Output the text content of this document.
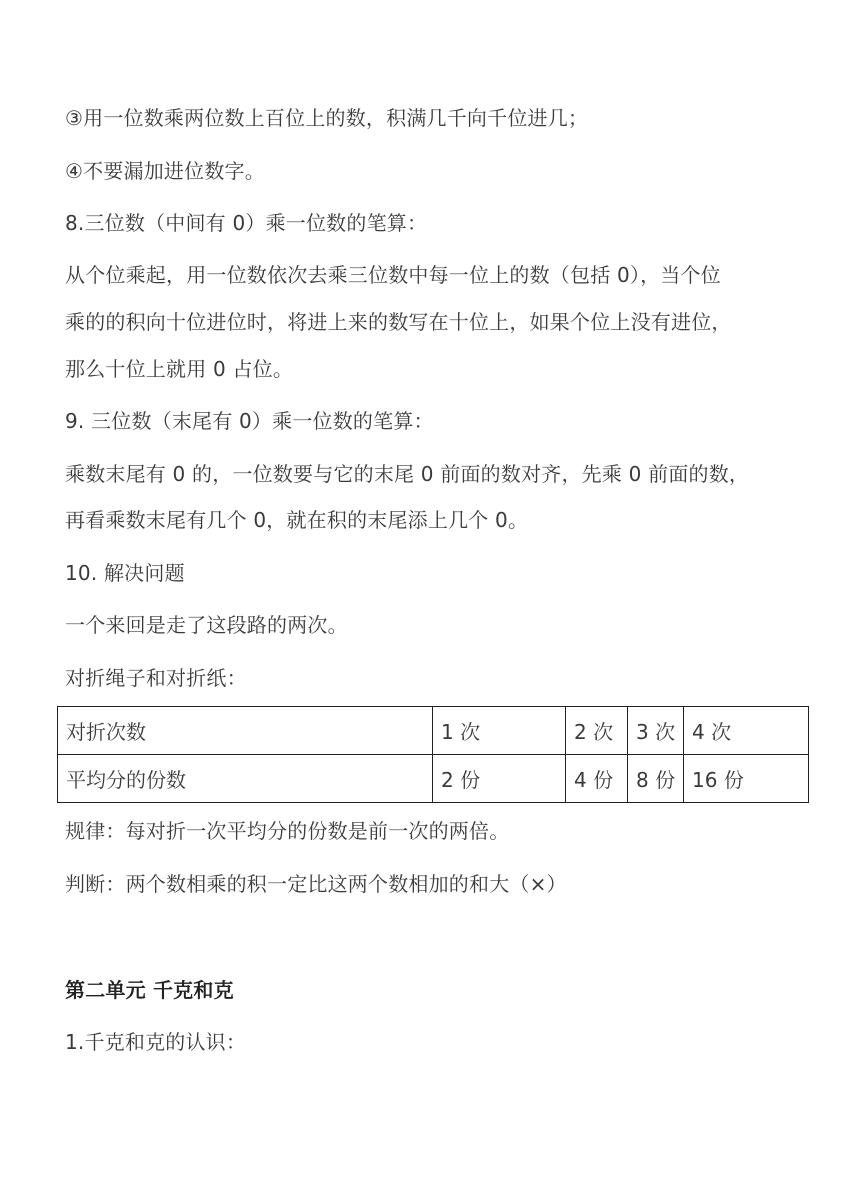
③用一位数乘两位数上百位上的数，积满几千向千位进几；
④不要漏加进位数字。
8.三位数（中间有 0）乘一位数的笔算：
从个位乘起，用一位数依次去乘三位数中每一位上的数（包括 0），当个位
乘的的积向十位进位时，将进上来的数写在十位上，如果个位上没有进位，
那么十位上就用 0 占位。
9. 三位数（末尾有 0）乘一位数的笔算：
乘数末尾有 0 的，一位数要与它的末尾 0 前面的数对齐，先乘 0 前面的数，
再看乘数末尾有几个 0，就在积的末尾添上几个 0。
10. 解决问题
一个来回是走了这段路的两次。
对折绳子和对折纸：
对折次数	1 次	2 次	3 次	4 次
平均分的份数	2 份	4 份	8 份	16 份
规律：每对折一次平均分的份数是前一次的两倍。
判断：两个数相乘的积一定比这两个数相加的和大（×）
第二单元 千克和克
1.千克和克的认识：
